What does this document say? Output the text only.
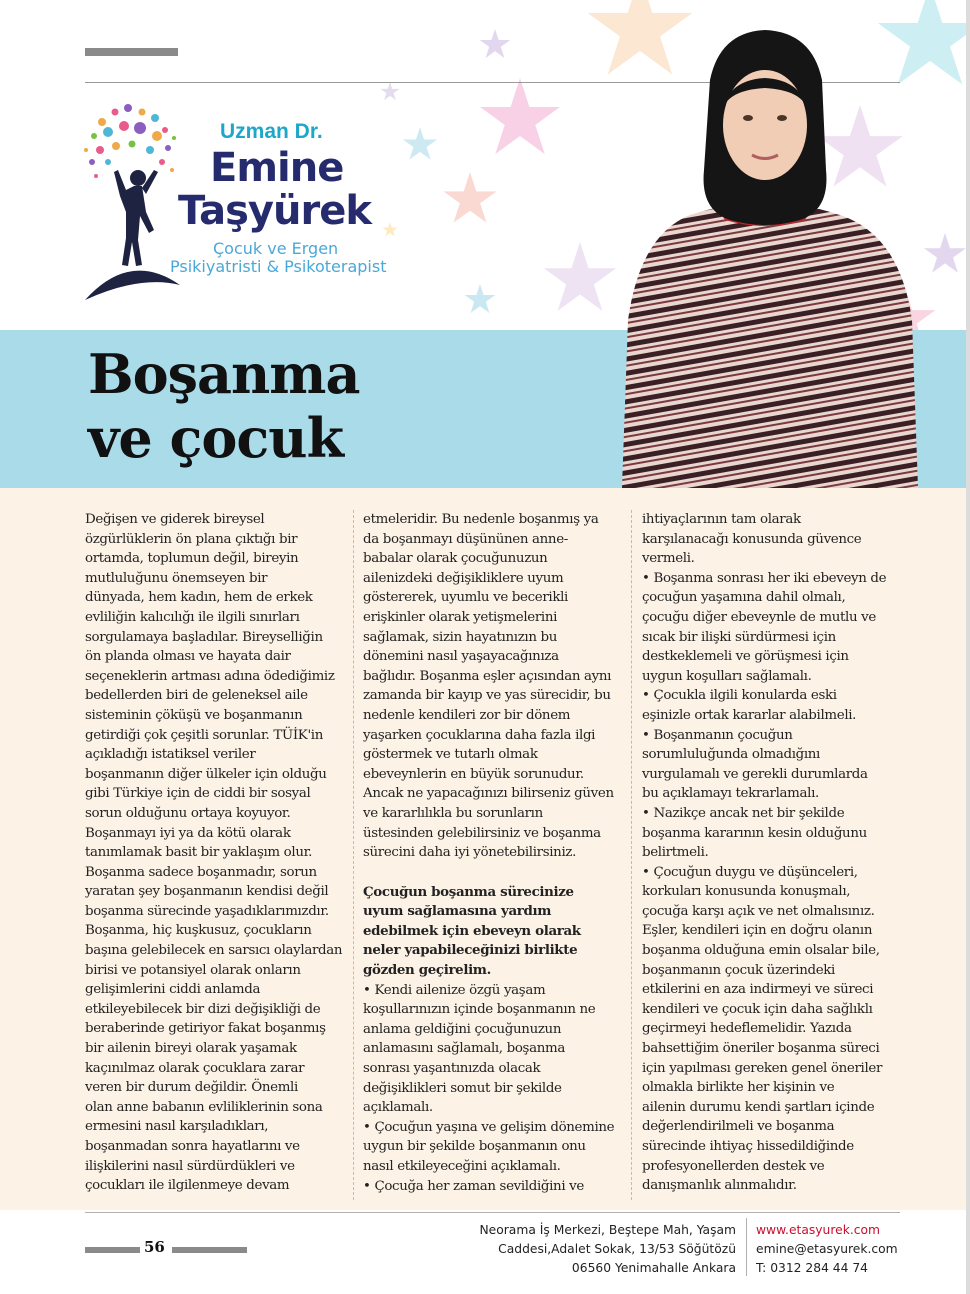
Uzman Dr.
Emine
Taşyürek
Çocuk ve Ergen
Psikiyatristi & Psikoterapist
Boşanma
ve çocuk

Değişen ve giderek bireysel

özgürlüklerin ön plana çıktığı bir

ortamda, toplumun değil, bireyin

mutluluğunu önemseyen bir

dünyada, hem kadın, hem de erkek

evliliğin kalıcılığı ile ilgili sınırları

sorgulamaya başladılar. Bireyselliğin

ön planda olması ve hayata dair

seçeneklerin artması adına ödediğimiz

bedellerden biri de geleneksel aile

sisteminin çöküşü ve boşanmanın

getirdiği çok çeşitli sorunlar. TÜİK'in

açıkladığı istatiksel veriler

boşanmanın diğer ülkeler için olduğu

gibi Türkiye için de ciddi bir sosyal

sorun olduğunu ortaya koyuyor.

Boşanmayı iyi ya da kötü olarak

tanımlamak basit bir yaklaşım olur.

Boşanma sadece boşanmadır, sorun

yaratan şey boşanmanın kendisi değil

boşanma sürecinde yaşadıklarımızdır.

Boşanma, hiç kuşkusuz, çocukların

başına gelebilecek en sarsıcı olaylardan

birisi ve potansiyel olarak onların

gelişimlerini ciddi anlamda

etkileyebilecek bir dizi değişikliği de

beraberinde getiriyor fakat boşanmış

bir ailenin bireyi olarak yaşamak

kaçınılmaz olarak çocuklara zarar

veren bir durum değildir. Önemli

olan anne babanın evliliklerinin sona

ermesini nasıl karşıladıkları,

boşanmadan sonra hayatlarını ve

ilişkilerini nasıl sürdürdükleri ve

çocukları ile ilgilenmeye devam

etmeleridir. Bu nedenle boşanmış ya

da boşanmayı düşününen anne-

babalar olarak çocuğunuzun

ailenizdeki değişikliklere uyum

göstererek, uyumlu ve becerikli

erişkinler olarak yetişmelerini

sağlamak, sizin hayatınızın bu

dönemini nasıl yaşayacağınıza

bağlıdır. Boşanma eşler açısından aynı

zamanda bir kayıp ve yas sürecidir, bu

nedenle kendileri zor bir dönem

yaşarken çocuklarına daha fazla ilgi

göstermek ve tutarlı olmak

ebeveynlerin en büyük sorunudur.

Ancak ne yapacağınızı bilirseniz güven

ve kararlılıkla bu sorunların

üstesinden gelebilirsiniz ve boşanma

sürecini daha iyi yönetebilirsiniz.

Çocuğun boşanma sürecinize

uyum sağlamasına yardım

edebilmek için ebeveyn olarak

neler yapabileceğinizi birlikte

gözden geçirelim.

• Kendi ailenize özgü yaşam

koşullarınızın içinde boşanmanın ne

anlama geldiğini çocuğunuzun

anlamasını sağlamalı, boşanma

sonrası yaşantınızda olacak

değişiklikleri somut bir şekilde

açıklamalı.

• Çocuğun yaşına ve gelişim dönemine

uygun bir şekilde boşanmanın onu

nasıl etkileyeceğini açıklamalı.

• Çocuğa her zaman sevildiğini ve

ihtiyaçlarının tam olarak

karşılanacağı konusunda güvence

vermeli.

• Boşanma sonrası her iki ebeveyn de

çocuğun yaşamına dahil olmalı,

çocuğu diğer ebeveynle de mutlu ve

sıcak bir ilişki sürdürmesi için

destkeklemeli ve görüşmesi için

uygun koşulları sağlamalı.

• Çocukla ilgili konularda eski

eşinizle ortak kararlar alabilmeli.

• Boşanmanın çocuğun

sorumluluğunda olmadığını

vurgulamalı ve gerekli durumlarda

bu açıklamayı tekrarlamalı.

• Nazikçe ancak net bir şekilde

boşanma kararının kesin olduğunu

belirtmeli.

• Çocuğun duygu ve düşünceleri,

korkuları konusunda konuşmalı,

çocuğa karşı açık ve net olmalısınız.

Eşler, kendileri için en doğru olanın

boşanma olduğuna emin olsalar bile,

boşanmanın çocuk üzerindeki

etkilerini en aza indirmeyi ve süreci

kendileri ve çocuk için daha sağlıklı

geçirmeyi hedeflemelidir. Yazıda

bahsettiğim öneriler boşanma süreci

için yapılması gereken genel öneriler

olmakla birlikte her kişinin ve

ailenin durumu kendi şartları içinde

değerlendirilmeli ve boşanma

sürecinde ihtiyaç hissedildiğinde

profesyonellerden destek ve

danışmanlık alınmalıdır.

56
Neorama İş Merkezi, Beştepe Mah, Yaşam
Caddesi,Adalet Sokak, 13/53 Söğütözü
06560 Yenimahalle Ankara
www.etasyurek.com
emine@etasyurek.com
T: 0312 284 44 74
